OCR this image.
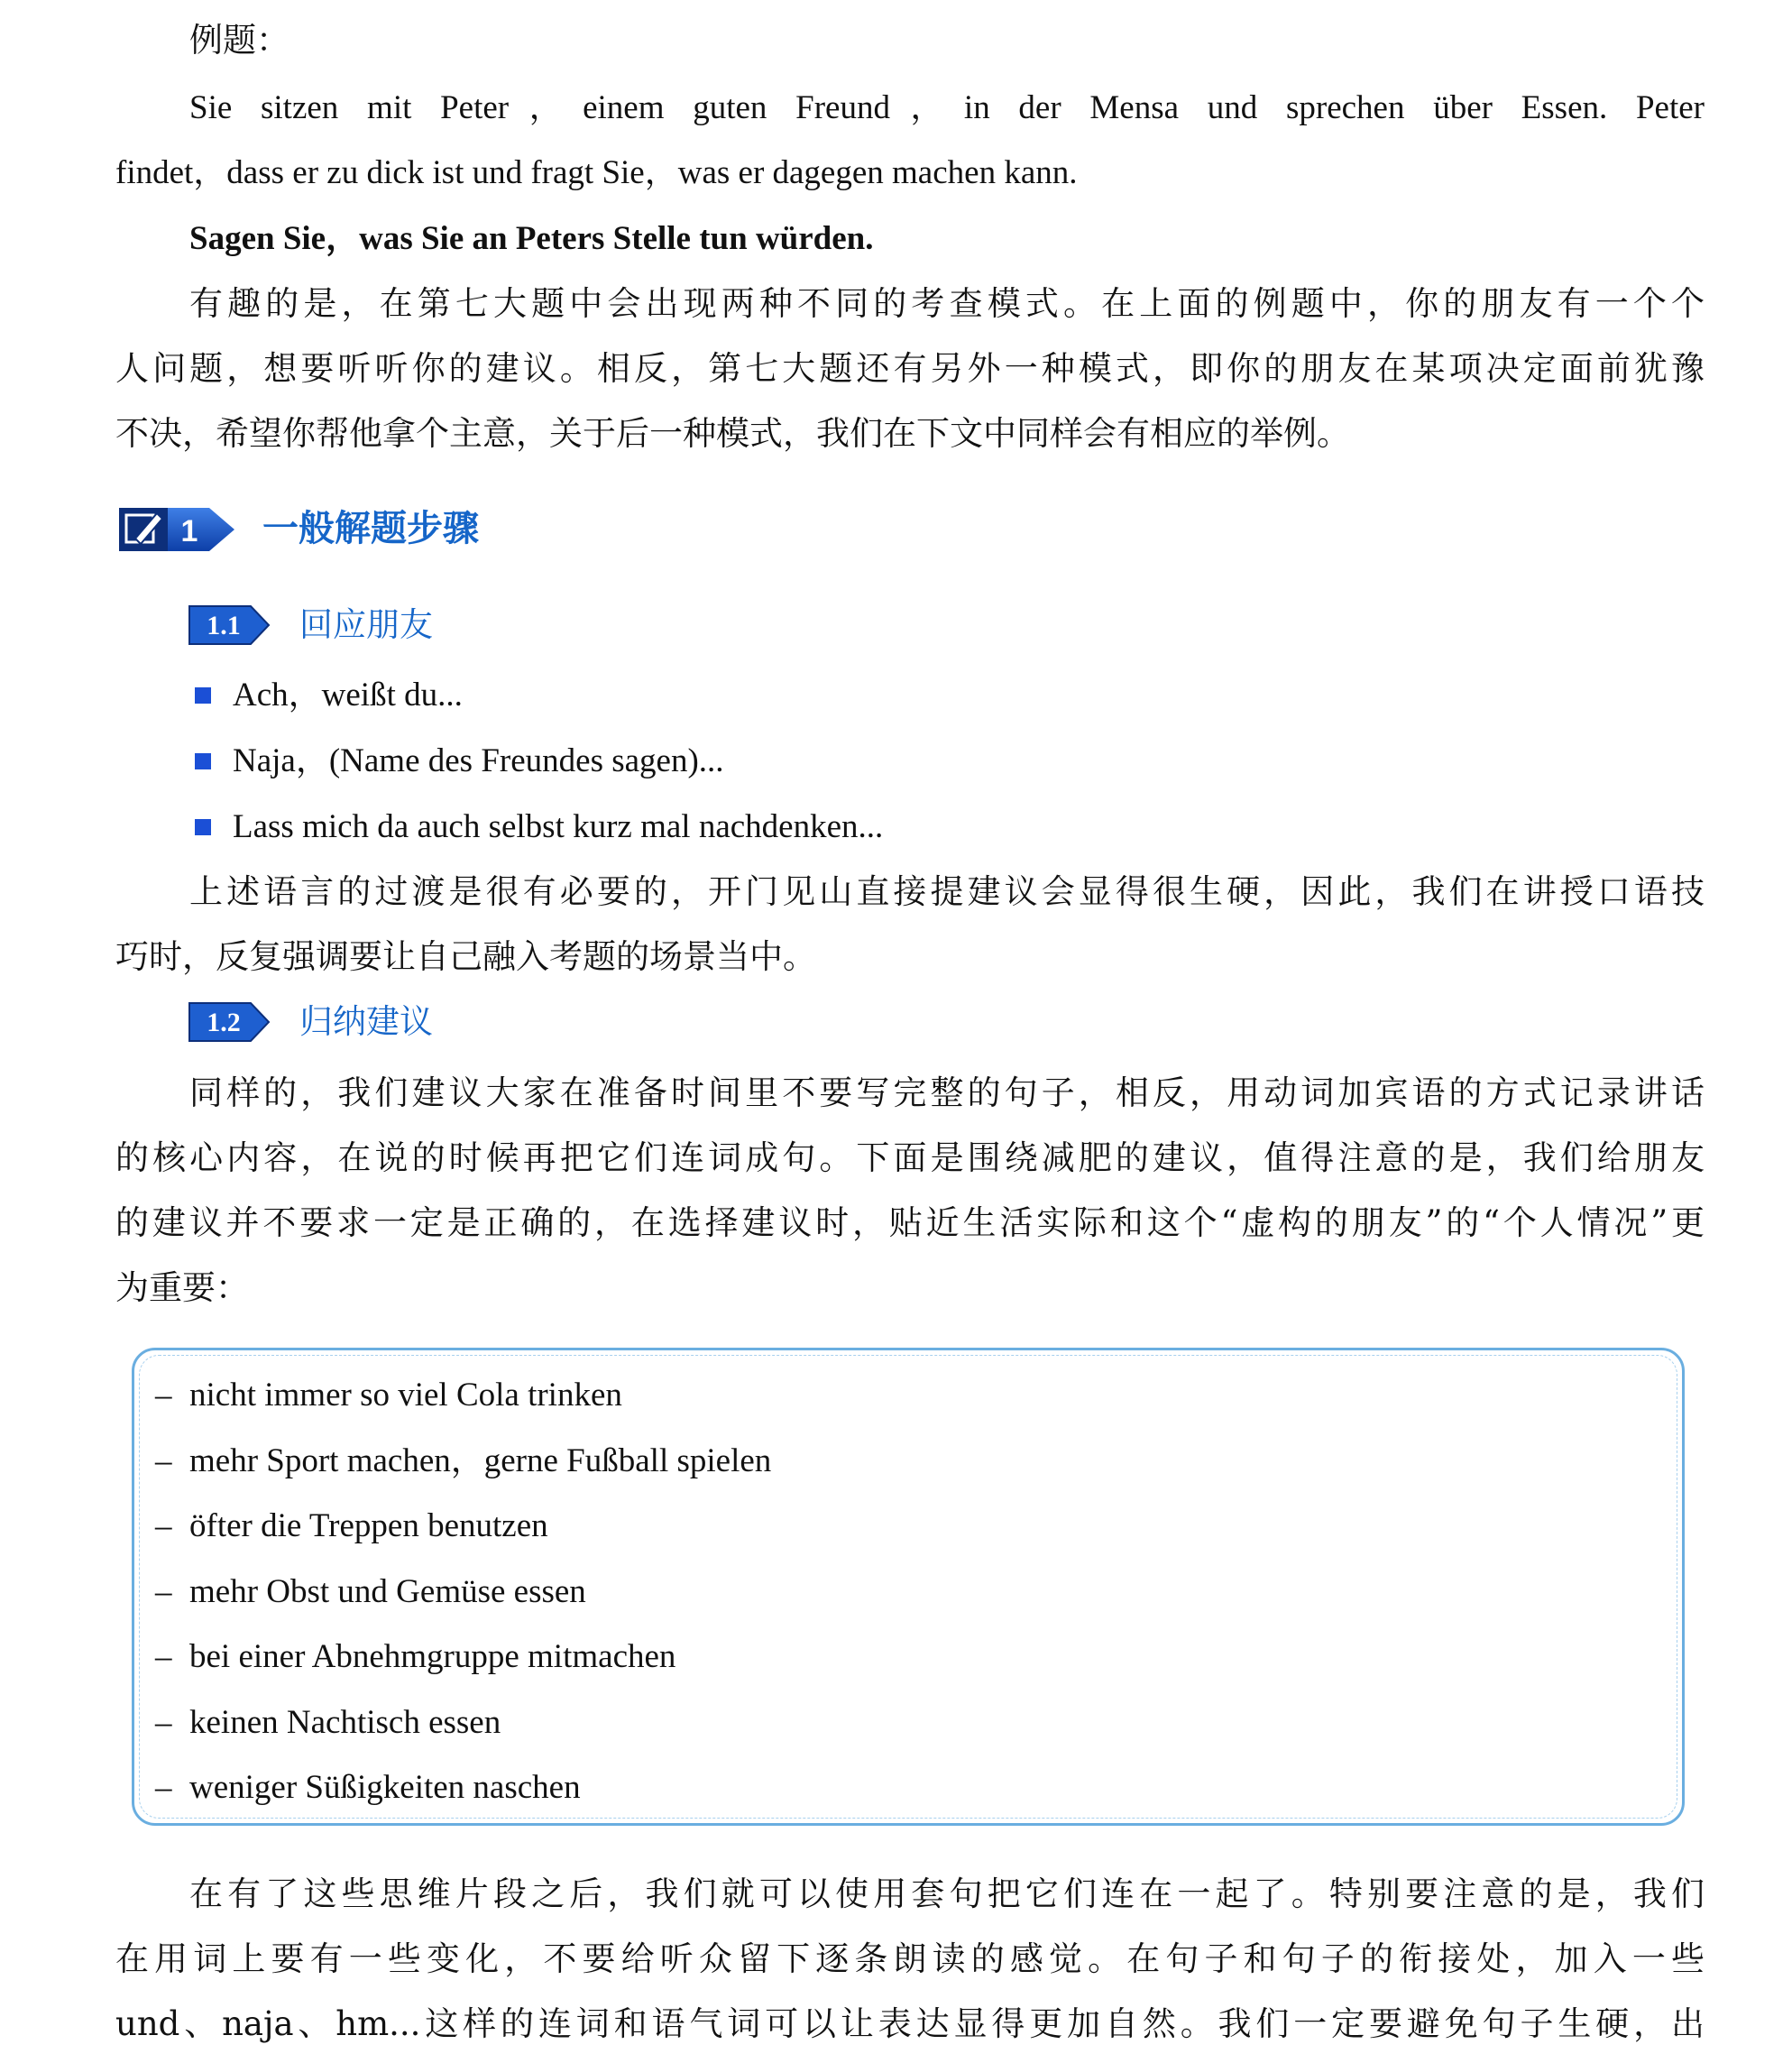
例题：
Sie sitzen mit Peter，einem guten Freund，in der Mensa und sprechen über Essen. Peter
findet，dass er zu dick ist und fragt Sie，was er dagegen machen kann.
Sagen Sie，was Sie an Peters Stelle tun würden.
有趣的是，在第七大题中会出现两种不同的考查模式。在上面的例题中，你的朋友有一个个
人问题，想要听听你的建议。相反，第七大题还有另外一种模式，即你的朋友在某项决定面前犹豫
不决，希望你帮他拿个主意，关于后一种模式，我们在下文中同样会有相应的举例。
1 一般解题步骤
1.1 回应朋友
Ach，weißt du...
Naja，(Name des Freundes sagen)...
Lass mich da auch selbst kurz mal nachdenken...
上述语言的过渡是很有必要的，开门见山直接提建议会显得很生硬，因此，我们在讲授口语技
巧时，反复强调要让自己融入考题的场景当中。
1.2 归纳建议
同样的，我们建议大家在准备时间里不要写完整的句子，相反，用动词加宾语的方式记录讲话
的核心内容，在说的时候再把它们连词成句。下面是围绕减肥的建议，值得注意的是，我们给朋友
的建议并不要求一定是正确的，在选择建议时，贴近生活实际和这个“虚构的朋友”的“个人情况”更
为重要：
– nicht immer so viel Cola trinken
– mehr Sport machen，gerne Fußball spielen
– öfter die Treppen benutzen
– mehr Obst und Gemüse essen
– bei einer Abnehmgruppe mitmachen
– keinen Nachtisch essen
– weniger Süßigkeiten naschen
在有了这些思维片段之后，我们就可以使用套句把它们连在一起了。特别要注意的是，我们
在用词上要有一些变化，不要给听众留下逐条朗读的感觉。在句子和句子的衔接处，加入一些
und、naja、hm...这样的连词和语气词可以让表达显得更加自然。我们一定要避免句子生硬，出
